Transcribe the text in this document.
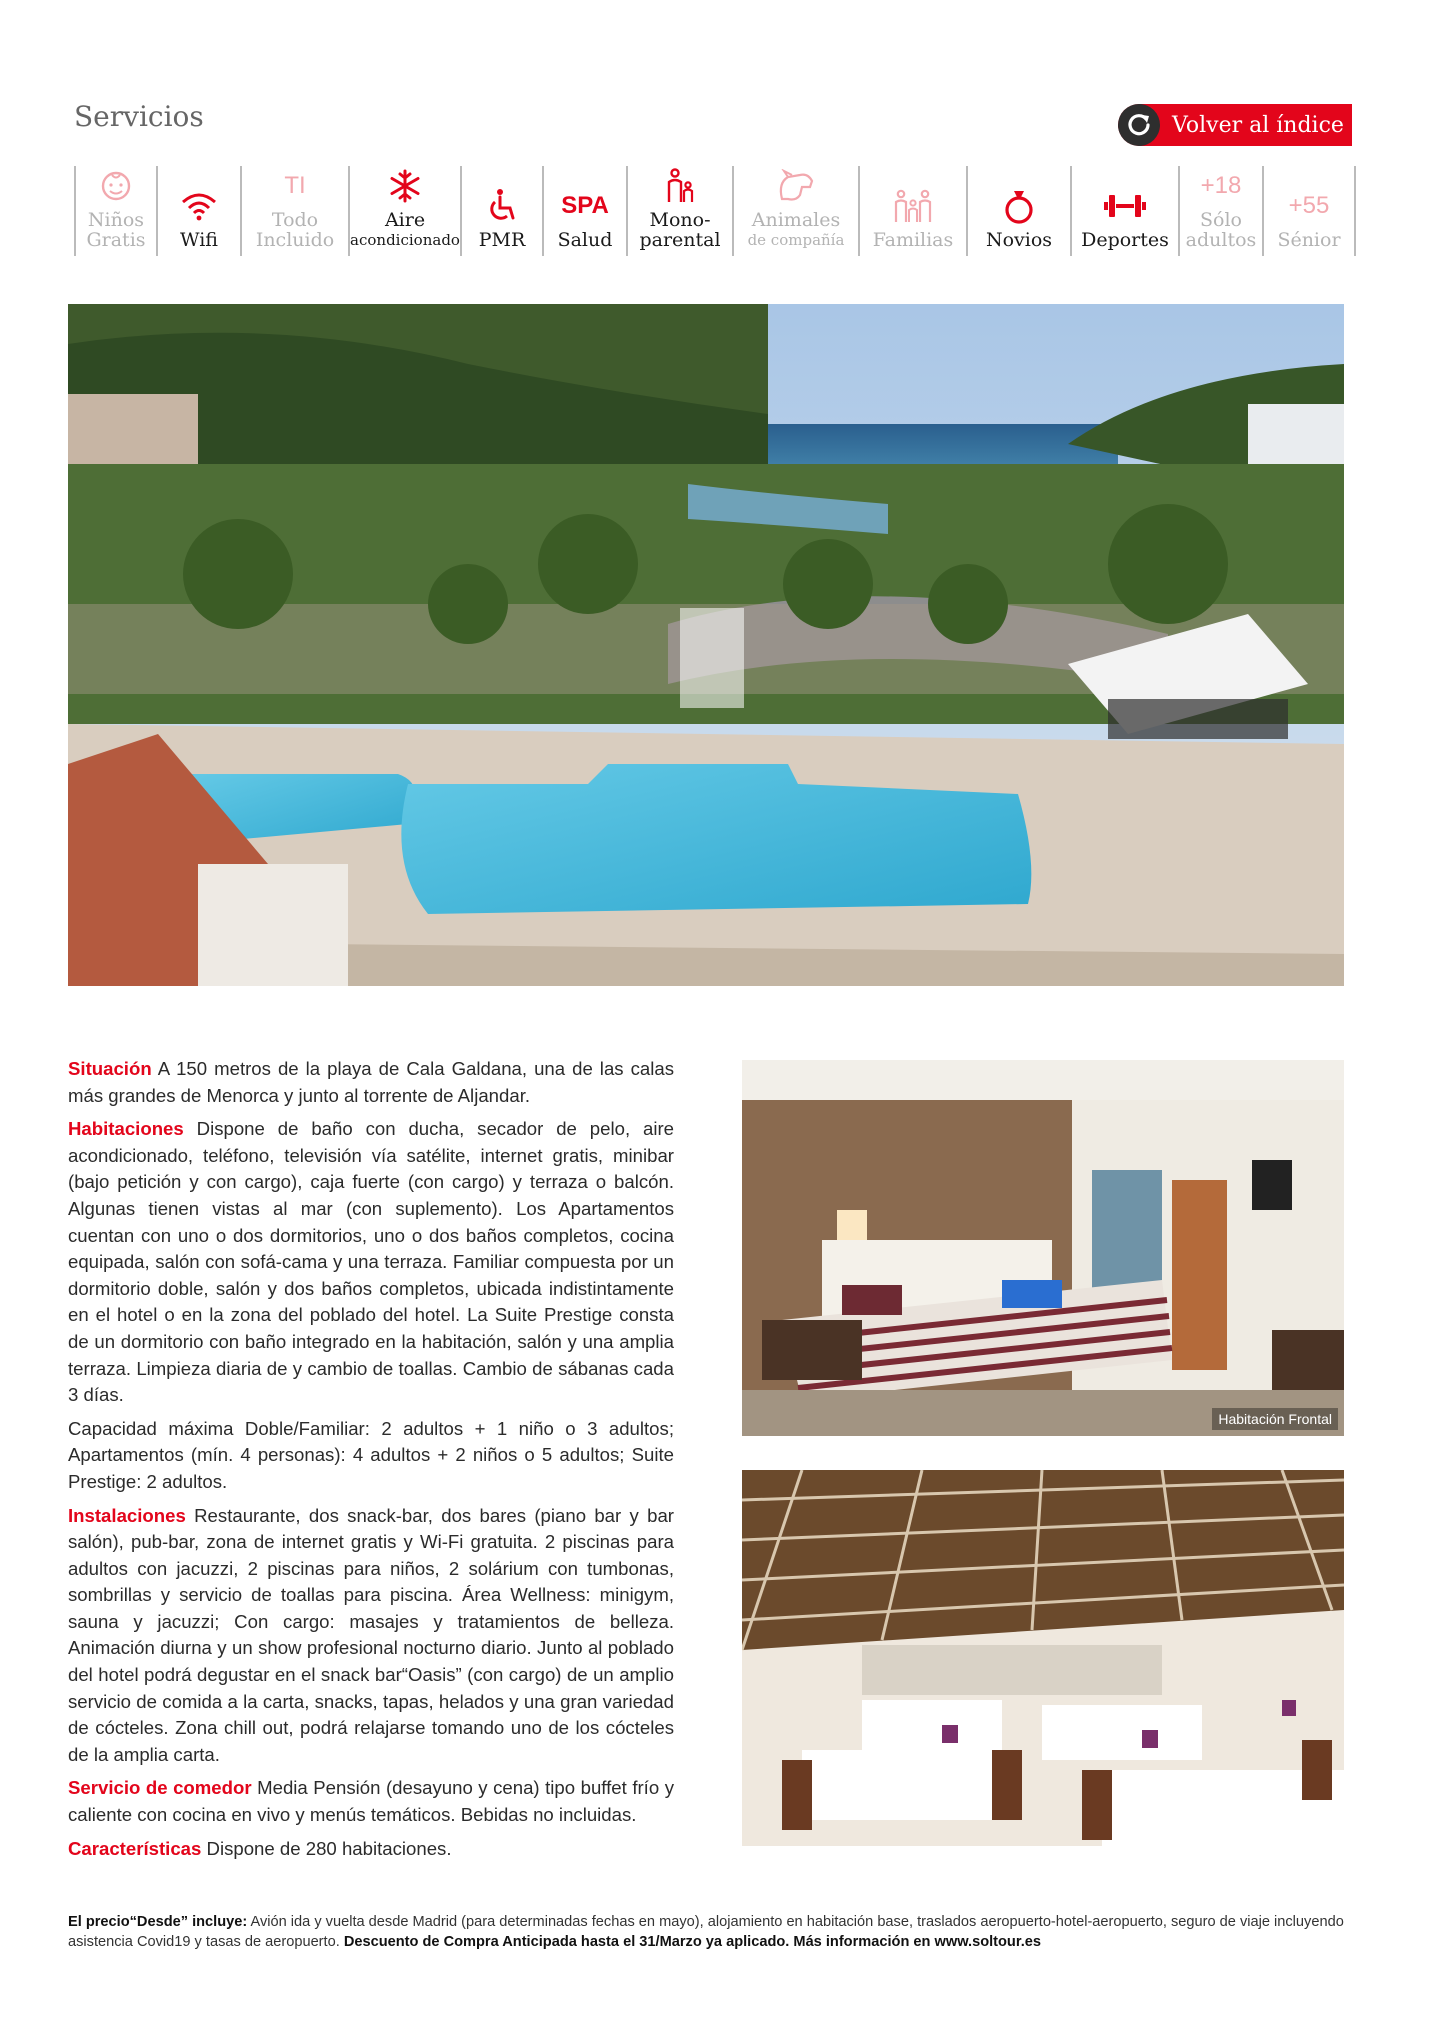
Servicios	Volver al índice
Niños
Gratis Wifi
TI
Todo
Incluido
Aire
acondicionado PMR
SPA
Salud
Mono-
parental
Animales
de compañía Familias Novios Deportes
+18
Sólo
adultos
+55
Sénior
Habitación Frontal

Situación A 150 metros de la playa de Cala Galdana, una de las calas más grandes de Menorca y junto al torrente de Aljandar.

Habitaciones Dispone de baño con ducha, secador de pelo, aire acondicionado, teléfono, televisión vía satélite, internet gratis, minibar (bajo petición y con cargo), caja fuerte (con cargo) y terraza o balcón. Algunas tienen vistas al mar (con suplemento). Los Apartamentos cuentan con uno o dos dormitorios, uno o dos baños completos, cocina equipada, salón con sofá-cama y una terraza. Familiar compuesta por un dormitorio doble, salón y dos baños completos, ubicada indistintamente en el hotel o en la zona del poblado del hotel. La Suite Prestige consta de un dormitorio con baño integrado en la habitación, salón y una amplia terraza. Limpieza diaria de y cambio de toallas. Cambio de sábanas cada 3 días.

Capacidad máxima Doble/Familiar: 2 adultos + 1 niño o 3 adultos; Apartamentos (mín. 4 personas): 4 adultos + 2 niños o 5 adultos; Suite Prestige: 2 adultos.

Instalaciones Restaurante, dos snack-bar, dos bares (piano bar y bar salón), pub-bar, zona de internet gratis y Wi-Fi gratuita. 2 piscinas para adultos con jacuzzi, 2 piscinas para niños, 2 solárium con tumbonas, sombrillas y servicio de toallas para piscina. Área Wellness: minigym, sauna y jacuzzi; Con cargo: masajes y tratamientos de belleza. Animación diurna y un show profesional nocturno diario. Junto al poblado del hotel podrá degustar en el snack bar“Oasis” (con cargo) de un amplio servicio de comida a la carta, snacks, tapas, helados y una gran variedad de cócteles. Zona chill out, podrá relajarse tomando uno de los cócteles de la amplia carta.

Servicio de comedor Media Pensión (desayuno y cena) tipo buffet frío y caliente con cocina en vivo y menús temáticos. Bebidas no incluidas.

Características Dispone de 280 habitaciones.

El precio“Desde” incluye: Avión ida y vuelta desde Madrid (para determinadas fechas en mayo), alojamiento en habitación base, traslados aeropuerto-hotel-aeropuerto, seguro de viaje incluyendo asistencia Covid19 y tasas de aeropuerto. Descuento de Compra Anticipada hasta el 31/Marzo ya aplicado. Más información en www.soltour.es
